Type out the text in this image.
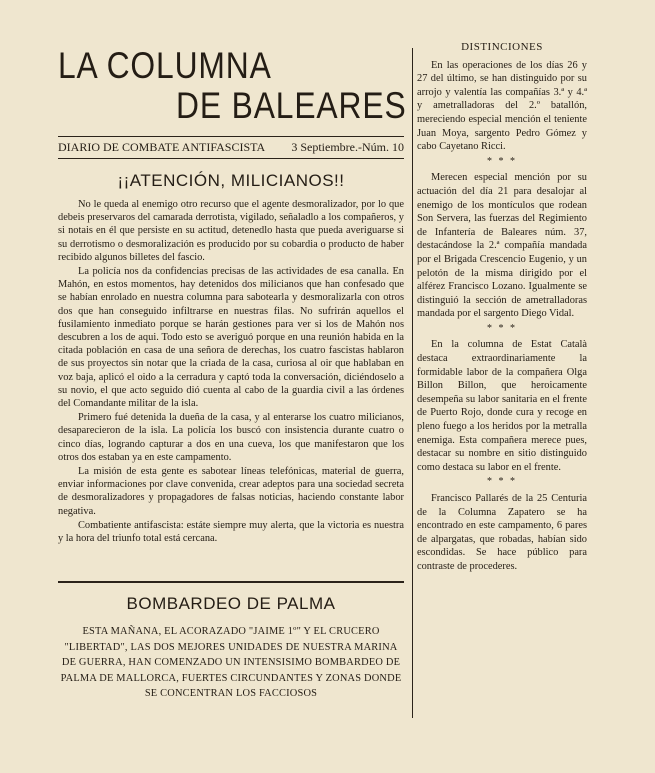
LA COLUMNA
DE BALEARES
DIARIO DE COMBATE ANTIFASCISTA 3 Septiembre.-Núm. 10
¡¡ATENCIÓN, MILICIANOS!!

No le queda al enemigo otro recurso que el agente desmoralizador, por lo que debeis preservaros del camarada derrotista, vigilado, señaladlo a los compañeros, y si notais en él que persiste en su actitud, detenedlo hasta que pueda averiguarse si su derrotismo o desmoralización es producido por su cobardia o producto de haber recibido algunos billetes del fascio.

La policía nos da confidencias precisas de las actividades de esa canalla. En Mahón, en estos momentos, hay detenidos dos milicianos que han confesado que se habían enrolado en nuestra columna para sabotearla y desmoralizarla con otros dos que han conseguido infiltrarse en nuestras filas. No sufrirán aquellos el fusilamiento inmediato porque se harán gestiones para ver si los de Mahón nos descubren a los de aqui. Todo esto se averiguó porque en una reunión habida en la citada población en casa de una señora de derechas, los cuatro fascistas hablaron de sus proyectos sin notar que la criada de la casa, curiosa al oir que hablaban en voz baja, aplicó el oido a la cerradura y captó toda la conversación, diciéndoselo a su novio, el que acto seguido dió cuenta al cabo de la guardia civil a las órdenes del Comandante militar de la isla.

Primero fué detenida la dueña de la casa, y al enterarse los cuatro milicianos, desaparecieron de la isla. La policía los buscó con insistencia durante cuatro o cinco días, logrando capturar a dos en una cueva, los que manifestaron que los otros dos estaban ya en este campamento.

La misión de esta gente es sabotear líneas telefónicas, material de guerra, enviar informaciones por clave convenida, crear adeptos para una sociedad secreta de desmoralizadores y propagadores de falsas noticias, haciendo constante labor negativa.

Combatiente antifascista: estáte siempre muy alerta, que la victoria es nuestra y la hora del triunfo total está cercana.

BOMBARDEO DE PALMA
ESTA MAÑANA, EL ACORAZADO "JAIME 1º" Y EL CRUCERO "LIBERTAD", LAS DOS MEJORES UNIDADES DE NUESTRA MARINA DE GUERRA, HAN COMENZADO UN INTENSISIMO BOMBARDEO DE PALMA DE MALLORCA, FUERTES CIRCUNDANTES Y ZONAS DONDE SE CONCENTRAN LOS FACCIOSOS
DISTINCIONES

En las operaciones de los días 26 y 27 del último, se han distinguido por su arrojo y valentía las compañías 3.ª y 4.ª y ametralladoras del 2.º batallón, mereciendo especial mención el teniente Juan Moya, sargento Pedro Gómez y cabo Cayetano Ricci.

* * *

Merecen especial mención por su actuación del día 21 para desalojar al enemigo de los montículos que rodean Son Servera, las fuerzas del Regimiento de Infantería de Baleares núm. 37, destacándose la 2.ª compañía mandada por el Brigada Crescencio Eugenio, y un pelotón de la misma dirigido por el alférez Francisco Lozano. Igualmente se distinguió la sección de ametralladoras mandada por el sargento Diego Vidal.

* * *

En la columna de Estat Català destaca extraordinariamente la formidable labor de la compañera Olga Billon Billon, que heroicamente desempeña su labor sanitaria en el frente de Puerto Rojo, donde cura y recoge en pleno fuego a los heridos por la metralla enemiga. Esta compañera merece pues, destacar su nombre en sitio distinguido como destaca su labor en el frente.

* * *

Francisco Pallarés de la 25 Centuria de la Columna Zapatero se ha encontrado en este campamento, 6 pares de alpargatas, que robadas, habían sido escondidas. Se hace público para contraste de procederes.
